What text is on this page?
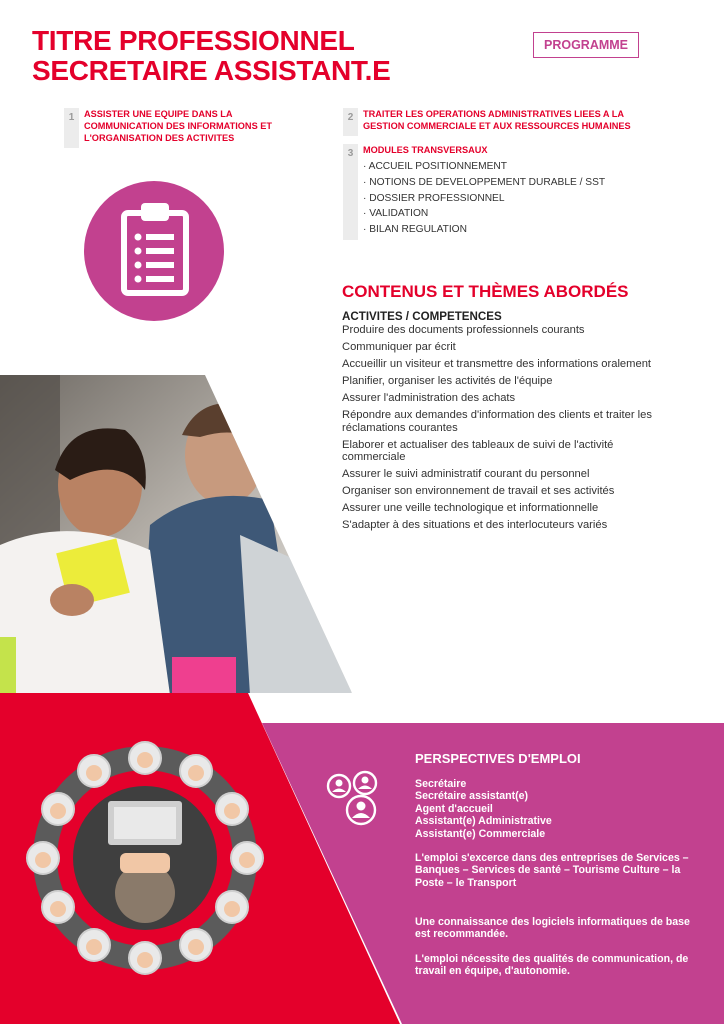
TITRE PROFESSIONNEL
SECRETAIRE ASSISTANT.E
PROGRAMME
1	ASSISTER UNE EQUIPE DANS LA COMMUNICATION DES INFORMATIONS ET L'ORGANISATION DES ACTIVITES
2	TRAITER LES OPERATIONS ADMINISTRATIVES LIEES A LA GESTION COMMERCIALE ET AUX RESSOURCES HUMAINES
3	MODULES TRANSVERSAUX
· ACCUEIL POSITIONNEMENT
· NOTIONS DE DEVELOPPEMENT DURABLE / SST
· DOSSIER PROFESSIONNEL
· VALIDATION
· BILAN REGULATION
CONTENUS ET THÈMES ABORDÉS
ACTIVITES / COMPETENCES
Produire des documents professionnels courants
Communiquer par écrit
Accueillir un visiteur et transmettre des informations oralement
Planifier, organiser les activités de l'équipe
Assurer l'administration des achats
Répondre aux demandes d'information des clients et traiter les réclamations courantes
Elaborer et actualiser des tableaux de suivi de l'activité commerciale
Assurer le suivi administratif courant du personnel
Organiser son environnement de travail et ses activités
Assurer une veille technologique et informationnelle
S'adapter à des situations et des interlocuteurs variés
PERSPECTIVES D'EMPLOI
Secrétaire
Secrétaire assistant(e)
Agent d'accueil
Assistant(e) Administrative
Assistant(e) Commerciale

L'emploi s'excerce dans des entreprises de Services – Banques – Services de santé – Tourisme Culture – la Poste – le Transport

Une connaissance des logiciels informatiques de base est recommandée.

L'emploi nécessite des qualités de communication, de travail en équipe, d'autonomie.
